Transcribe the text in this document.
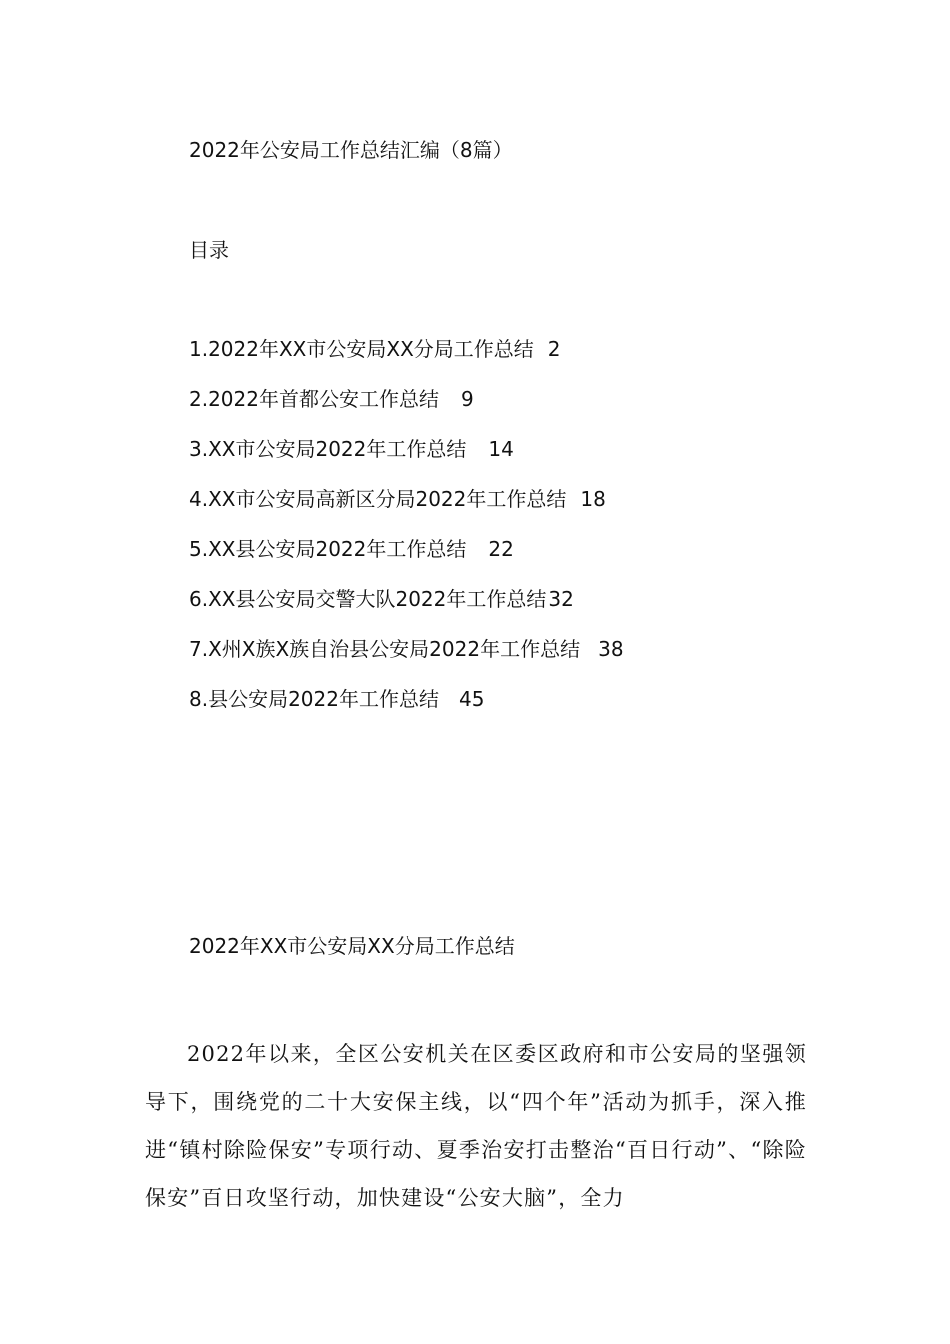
2022年公安局工作总结汇编（8篇）
目录
1.2022年XX市公安局XX分局工作总结 2
2.2022年首都公安工作总结 9
3.XX市公安局2022年工作总结 14
4.XX市公安局高新区分局2022年工作总结 18
5.XX县公安局2022年工作总结 22
6.XX县公安局交警大队2022年工作总结 32
7.X州X族X族自治县公安局2022年工作总结 38
8.县公安局2022年工作总结 45
2022年XX市公安局XX分局工作总结

2022年以来，全区公安机关在区委区政府和市公安局的坚强领导下，围绕党的二十大安保主线，以“四个年”活动为抓手，深入推进“镇村除险保安”专项行动、夏季治安打击整治“百日行动”、“除险保安”百日攻坚行动，加快建设“公安大脑”，全力
